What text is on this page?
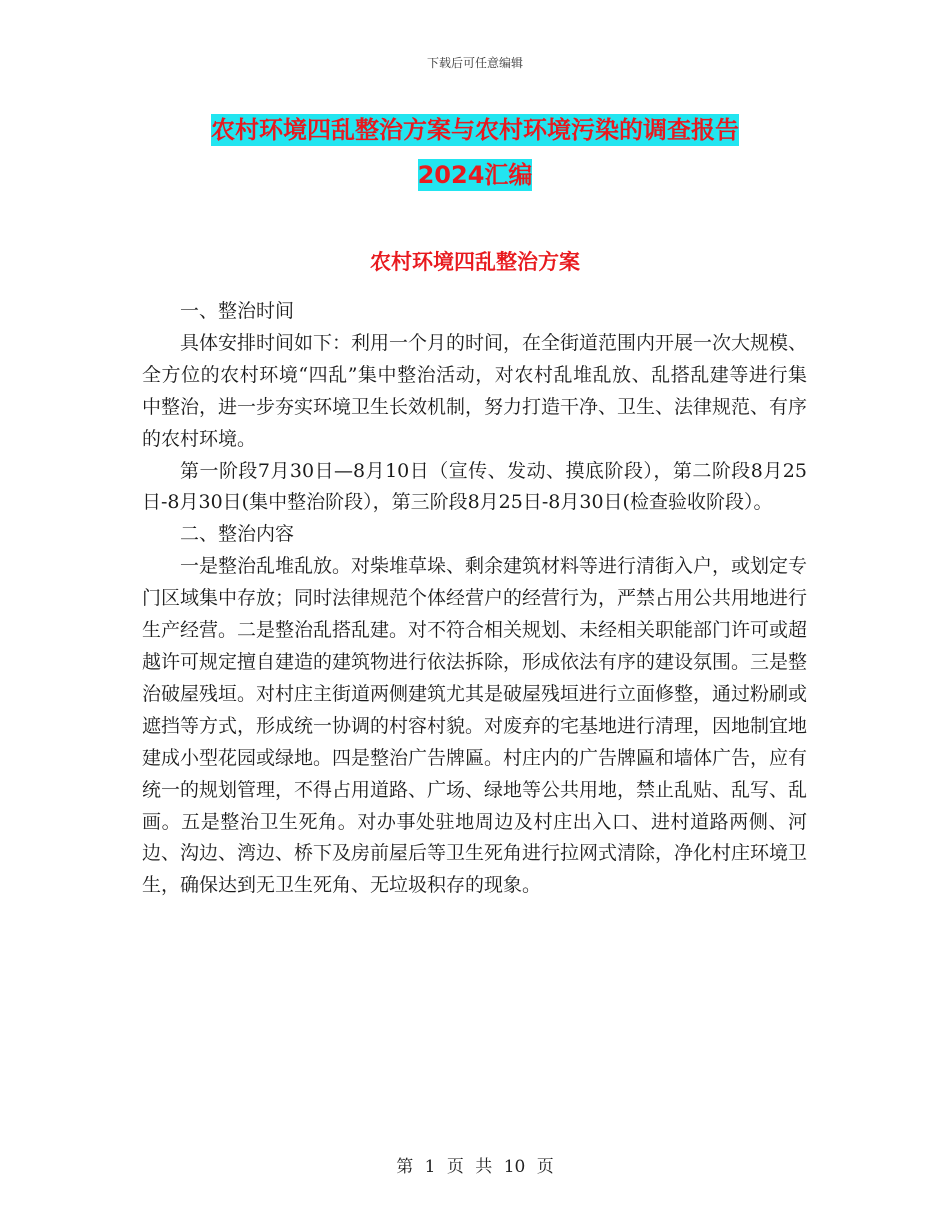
下载后可任意编辑
农村环境四乱整治方案与农村环境污染的调查报告
2024汇编
农村环境四乱整治方案

一、整治时间

具体安排时间如下：利用一个月的时间，在全街道范围内开展一次大规模、全方位的农村环境“四乱”集中整治活动，对农村乱堆乱放、乱搭乱建等进行集中整治，进一步夯实环境卫生长效机制，努力打造干净、卫生、法律规范、有序的农村环境。

第一阶段7月30日—8月10日（宣传、发动、摸底阶段），第二阶段8月25日-8月30日(集中整治阶段），第三阶段8月25日-8月30日(检查验收阶段）。

二、整治内容

一是整治乱堆乱放。对柴堆草垛、剩余建筑材料等进行清街入户，或划定专门区域集中存放；同时法律规范个体经营户的经营行为，严禁占用公共用地进行生产经营。二是整治乱搭乱建。对不符合相关规划、未经相关职能部门许可或超越许可规定擅自建造的建筑物进行依法拆除，形成依法有序的建设氛围。三是整治破屋残垣。对村庄主街道两侧建筑尤其是破屋残垣进行立面修整，通过粉刷或遮挡等方式，形成统一协调的村容村貌。对废弃的宅基地进行清理，因地制宜地建成小型花园或绿地。四是整治广告牌匾。村庄内的广告牌匾和墙体广告，应有统一的规划管理，不得占用道路、广场、绿地等公共用地，禁止乱贴、乱写、乱画。五是整治卫生死角。对办事处驻地周边及村庄出入口、进村道路两侧、河边、沟边、湾边、桥下及房前屋后等卫生死角进行拉网式清除，净化村庄环境卫生，确保达到无卫生死角、无垃圾积存的现象。

第 1 页 共 10 页
